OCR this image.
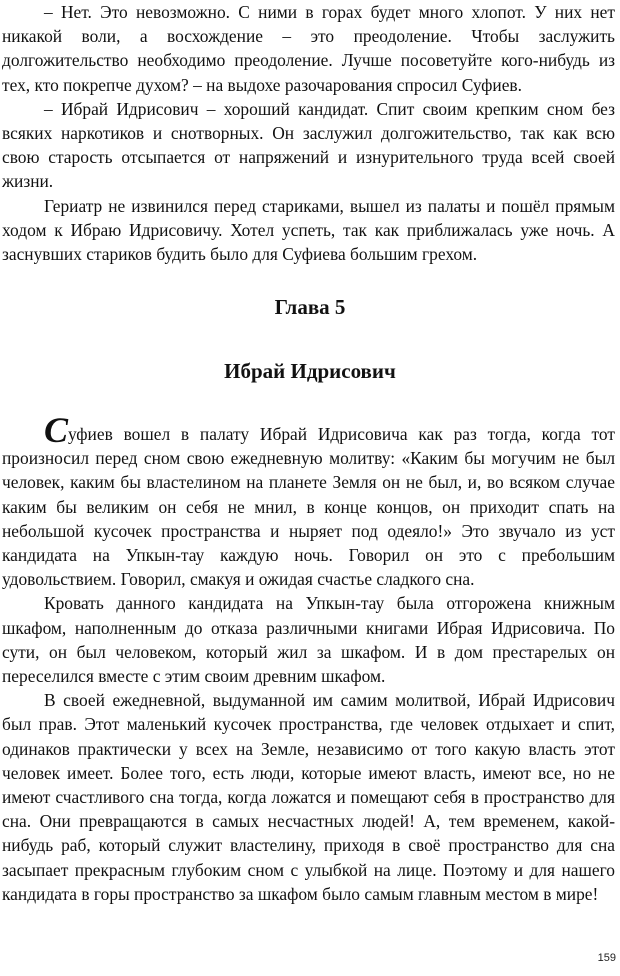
– Нет. Это невозможно. С ними в горах будет много хлопот. У них нет никакой воли, а восхождение – это преодоление. Чтобы заслужить долгожительство необходимо преодоление. Лучше посоветуйте кого-нибудь из тех, кто покрепче духом? – на выдохе разочарования спросил Суфиев.

– Ибрай Идрисович – хороший кандидат. Спит своим крепким сном без всяких наркотиков и снотворных. Он заслужил долгожительство, так как всю свою старость отсыпается от напряжений и изнурительного труда всей своей жизни.

Гериатр не извинился перед стариками, вышел из палаты и пошёл прямым ходом к Ибраю Идрисовичу. Хотел успеть, так как приближалась уже ночь. А заснувших стариков будить было для Суфиева большим грехом.

Глава 5
Ибрай Идрисович

Суфиев вошел в палату Ибрай Идрисовича как раз тогда, когда тот произносил перед сном свою ежедневную молитву: «Каким бы могучим не был человек, каким бы властелином на планете Земля он не был, и, во всяком случае каким бы великим он себя не мнил, в конце концов, он приходит спать на небольшой кусочек пространства и ныряет под одеяло!» Это звучало из уст кандидата на Упкын-тау каждую ночь. Говорил он это с пребольшим удовольствием. Говорил, смакуя и ожидая счастье сладкого сна.

Кровать данного кандидата на Упкын-тау была отгорожена книжным шкафом, наполненным до отказа различными книгами Ибрая Идрисовича. По сути, он был человеком, который жил за шкафом. И в дом престарелых он переселился вместе с этим своим древним шкафом.

В своей ежедневной, выдуманной им самим молитвой, Ибрай Идрисович был прав. Этот маленький кусочек пространства, где человек отдыхает и спит, одинаков практически у всех на Земле, независимо от того какую власть этот человек имеет. Более того, есть люди, которые имеют власть, имеют все, но не имеют счастливого сна тогда, когда ложатся и помещают себя в пространство для сна. Они превращаются в самых несчастных людей! А, тем временем, какой-нибудь раб, который служит властелину, приходя в своё пространство для сна засыпает прекрасным глубоким сном с улыбкой на лице. Поэтому и для нашего кандидата в горы пространство за шкафом было самым главным местом в мире!

159
